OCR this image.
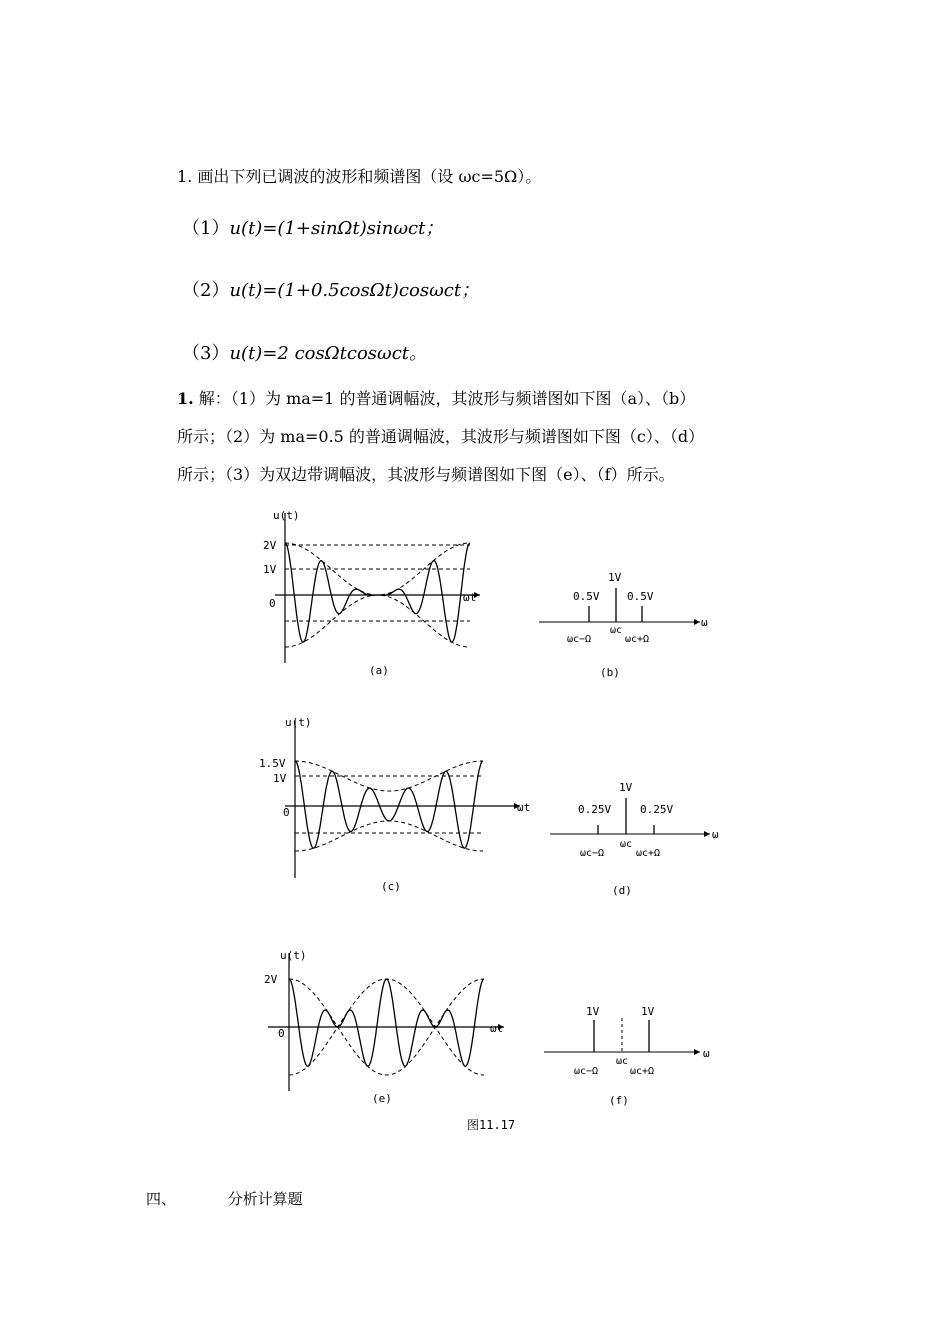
1. 画出下列已调波的波形和频谱图（设 ωc=5Ω）。
（1）u(t)=(1+sinΩt)sinωct；
（2）u(t)=(1+0.5cosΩt)cosωct；
（3）u(t)=2 cosΩtcosωct。
1. 解：（1）为 ma=1 的普通调幅波，其波形与频谱图如下图（a）、（b）
所示；（2）为 ma=0.5 的普通调幅波，其波形与频谱图如下图（c）、（d）
所示；（3）为双边带调幅波，其波形与频谱图如下图（e）、（f）所示。
u(t)
2V
1V
0	ωt
(a)
1V
0.5V	0.5V
ω
ωc−Ω
ωc
ωc+Ω
(b)
u(t)
1.5V
1V
0	ωt
(c)
1V
0.25V	0.25V
ω
ωc−Ω
ωc
ωc+Ω
(d)
u(t)
2V
0	ωt
(e)
1V	1V
ω
ωc−Ω
ωc
ωc+Ω
(f)
图11.17
四、	分析计算题
